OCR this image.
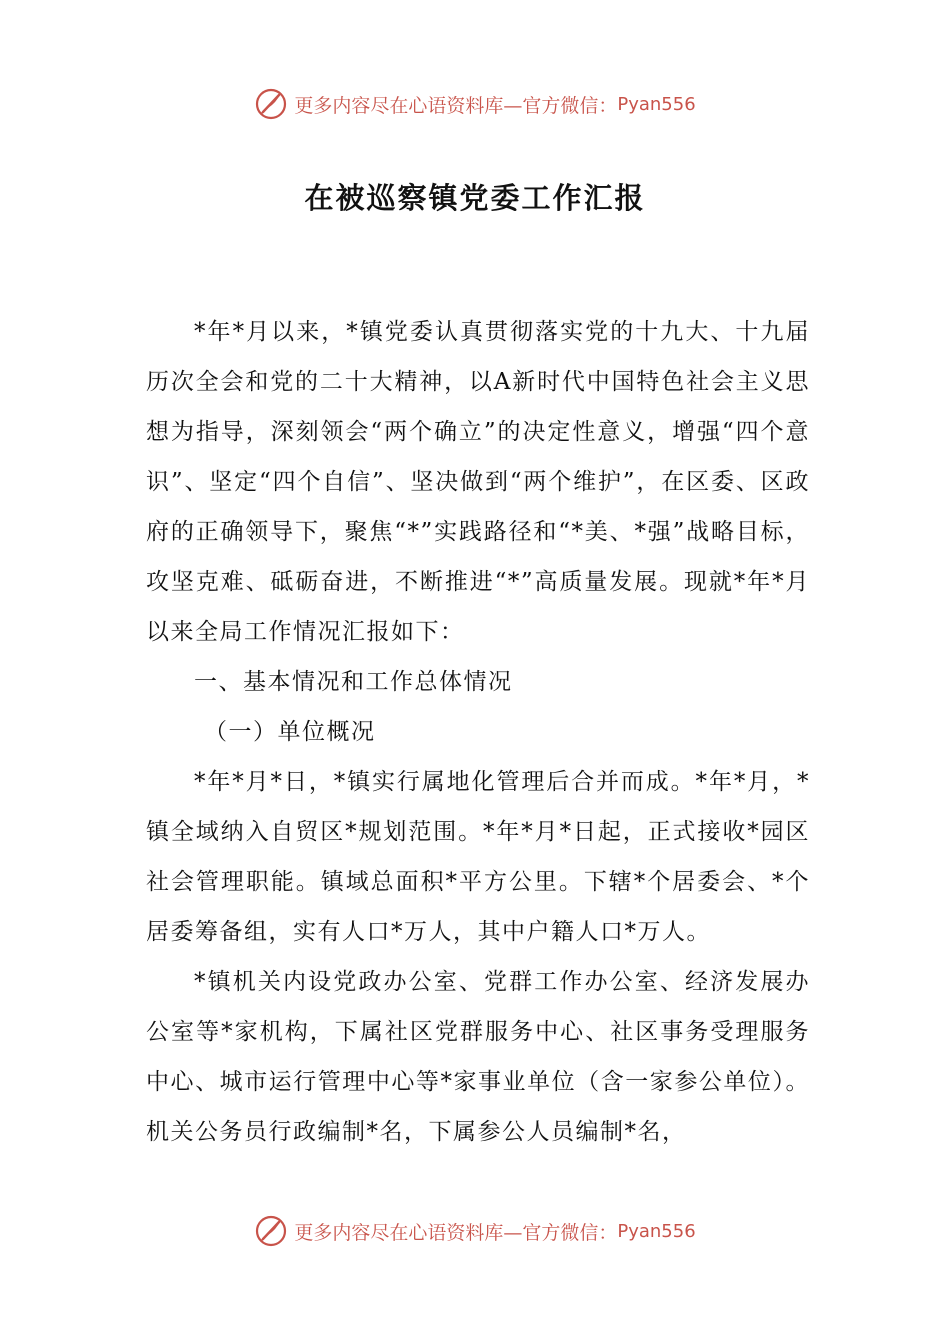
更多内容尽在心语资料库—官方微信： Pyan556
在被巡察镇党委工作汇报

*年*月以来，*镇党委认真贯彻落实党的十九大、十九届历次全会和党的二十大精神，以A新时代中国特色社会主义思想为指导，深刻领会“两个确立”的决定性意义，增强“四个意识”、坚定“四个自信”、坚决做到“两个维护”，在区委、区政府的正确领导下，聚焦“*”实践路径和“*美、*强”战略目标，攻坚克难、砥砺奋进，不断推进“*”高质量发展。现就*年*月以来全局工作情况汇报如下：

一、基本情况和工作总体情况

（一）单位概况

*年*月*日，*镇实行属地化管理后合并而成。*年*月，*镇全域纳入自贸区*规划范围。*年*月*日起，正式接收*园区社会管理职能。镇域总面积*平方公里。下辖*个居委会、*个居委筹备组，实有人口*万人，其中户籍人口*万人。

*镇机关内设党政办公室、党群工作办公室、经济发展办公室等*家机构，下属社区党群服务中心、社区事务受理服务中心、城市运行管理中心等*家事业单位（含一家参公单位）。机关公务员行政编制*名，下属参公人员编制*名，

更多内容尽在心语资料库—官方微信： Pyan556
